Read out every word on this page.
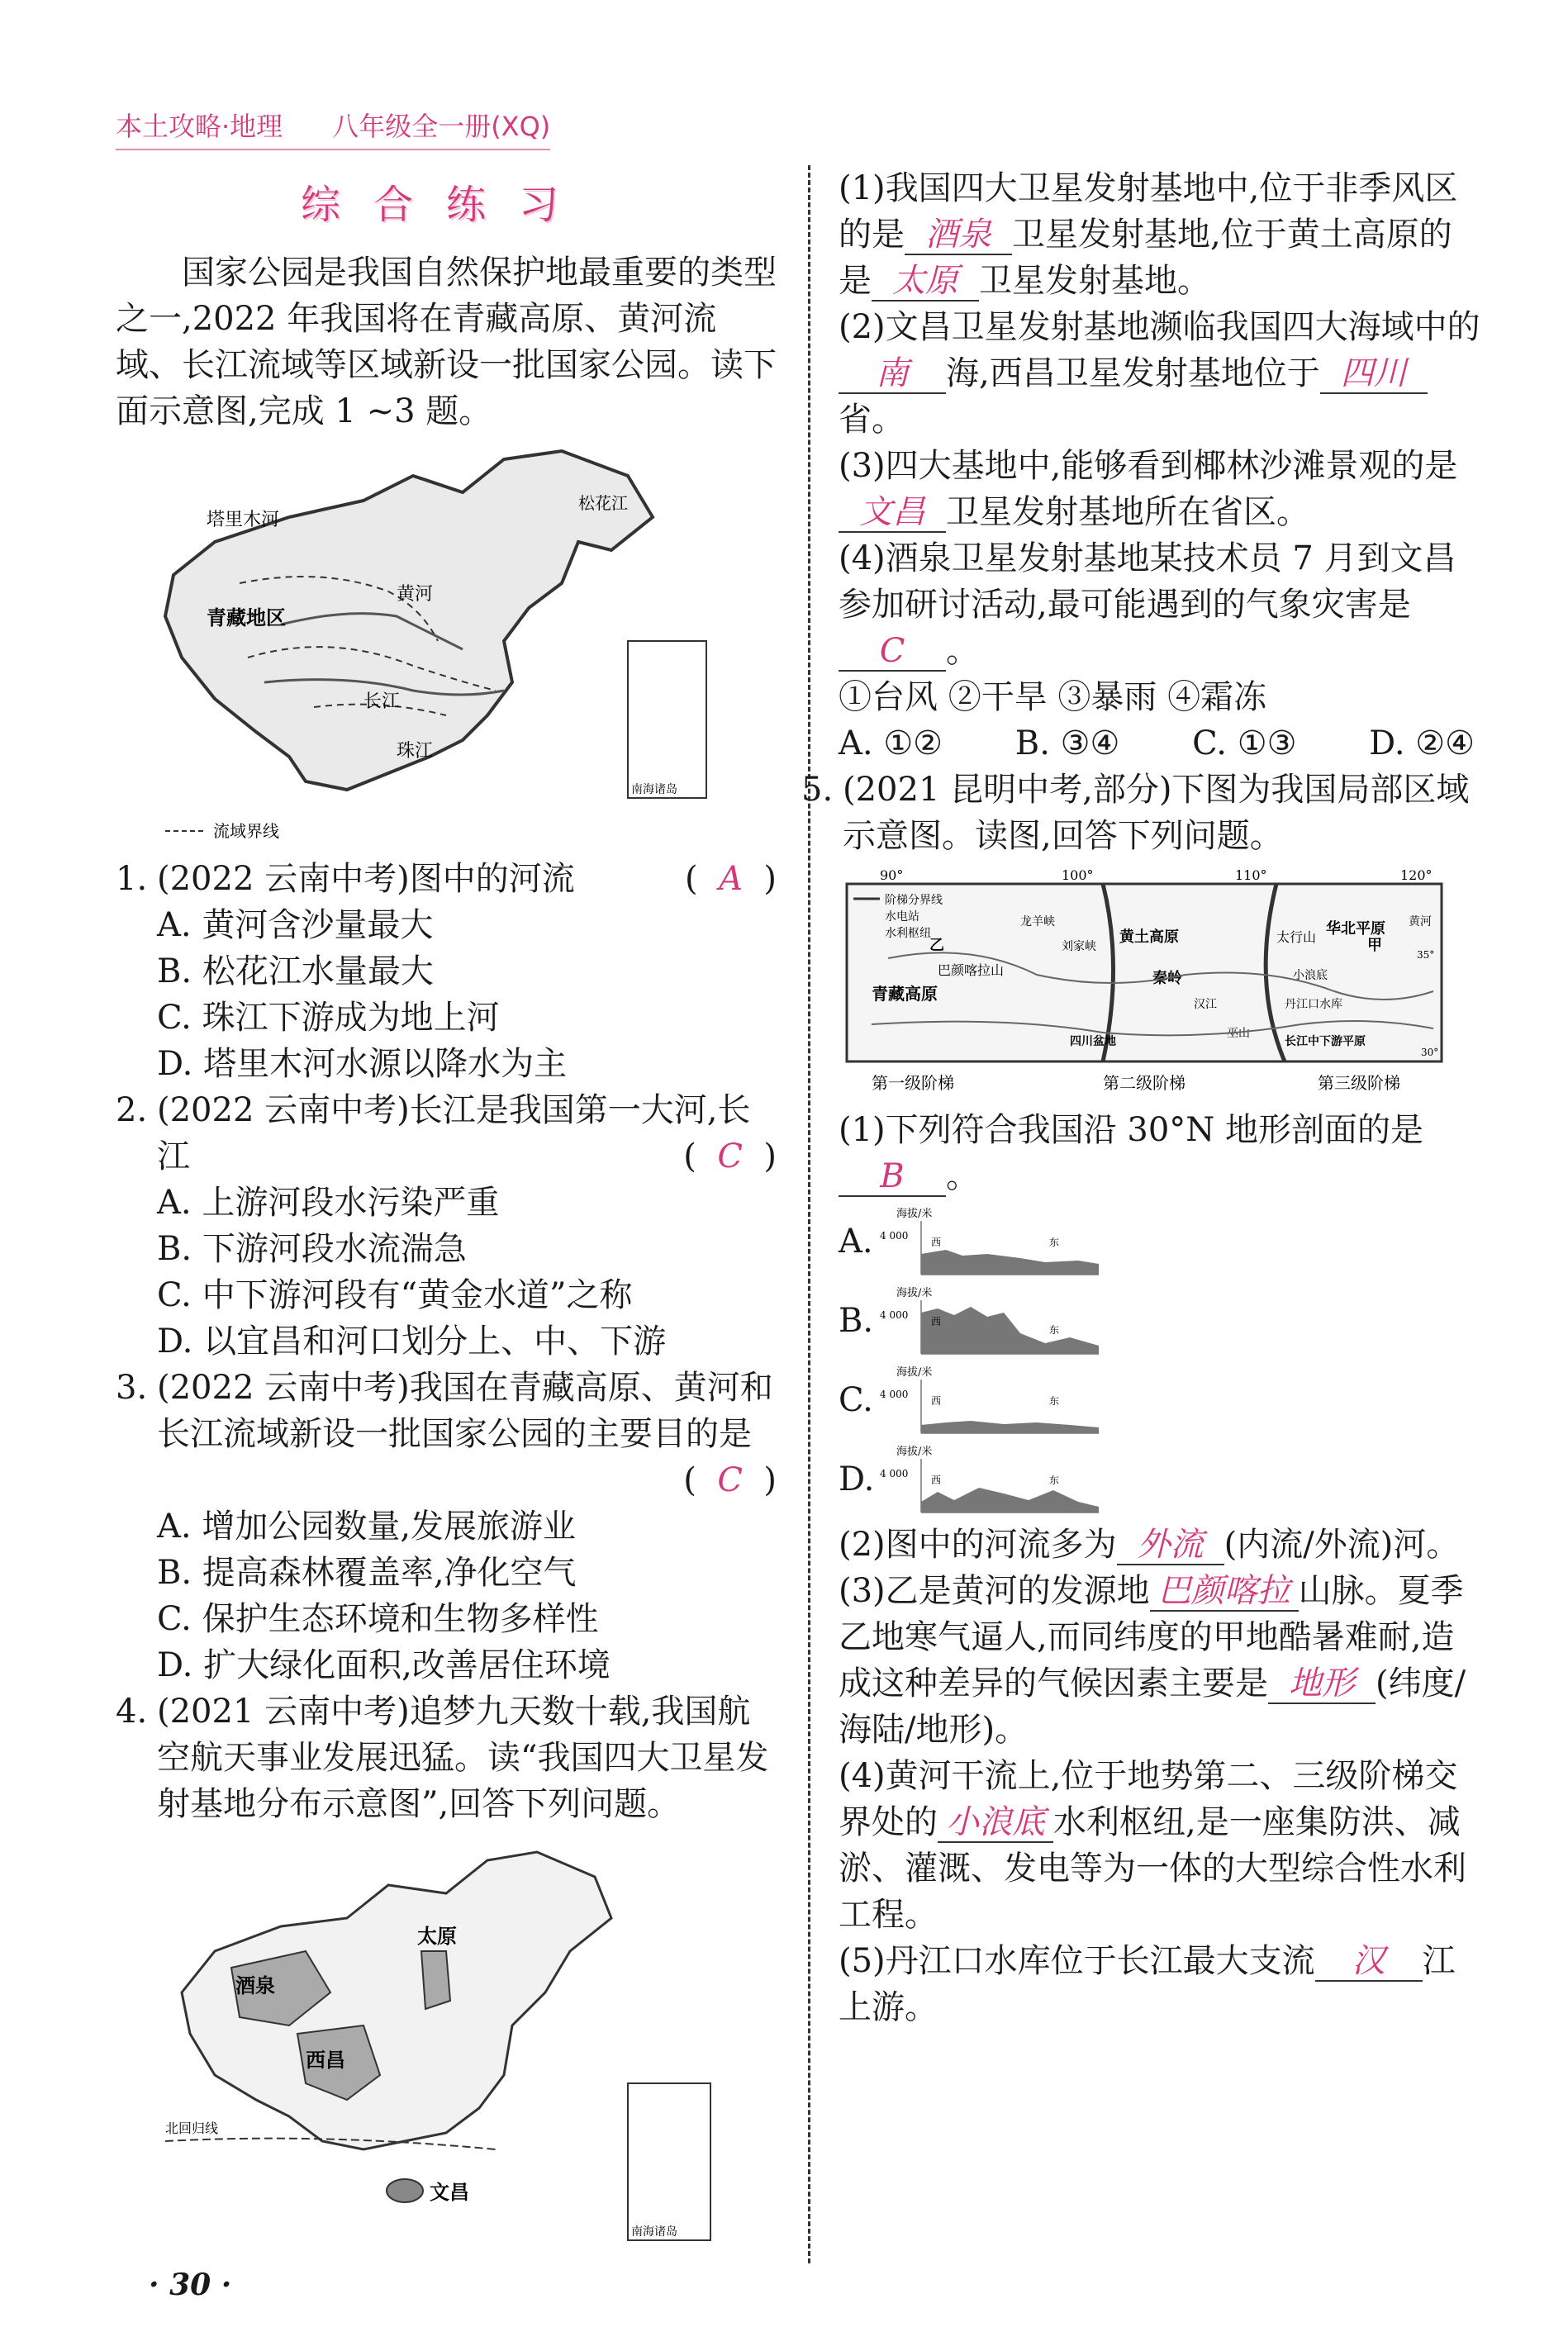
本土攻略·地理 八年级全一册(XQ)
综合练习

国家公园是我国自然保护地最重要的类型之一,2022 年我国将在青藏高原、黄河流域、长江流域等区域新设一批国家公园。读下面示意图,完成 1 ~3 题。

塔里木河
松花江
青藏地区
黄河
长江
珠江
南海诸岛
流域界线
1. (2022 云南中考)图中的河流	(  A  )

A. 黄河含沙量最大

B. 松花江水量最大

C. 珠江下游成为地上河

D. 塔里木河水源以降水为主

2. (2022 云南中考)长江是我国第一大河,长江	(  C  )

A. 上游河段水污染严重

B. 下游河段水流湍急

C. 中下游河段有“黄金水道”之称

D. 以宜昌和河口划分上、中、下游

3. (2022 云南中考)我国在青藏高原、黄河和长江流域新设一批国家公园的主要目的是
(  C  )

A. 增加公园数量,发展旅游业

B. 提高森林覆盖率,净化空气

C. 保护生态环境和生物多样性

D. 扩大绿化面积,改善居住环境

4. (2021 云南中考)追梦九天数十载,我国航空航天事业发展迅猛。读“我国四大卫星发射基地分布示意图”,回答下列问题。
酒泉
太原
西昌
文昌
北回归线
南海诸岛

(1)我国四大卫星发射基地中,位于非季风区的是 酒泉 卫星发射基地,位于黄土高原的是 太原 卫星发射基地。

(2)文昌卫星发射基地濒临我国四大海域中的南 海,西昌卫星发射基地位于 四川省。

(3)四大基地中,能够看到椰林沙滩景观的是文昌 卫星发射基地所在省区。

(4)酒泉卫星发射基地某技术员 7 月到文昌参加研讨活动,最可能遇到的气象灾害是C 。

①台风 ②干旱 ③暴雨 ④霜冻

A. ①② B. ③④ C. ①③ D. ②④
5. (2021 昆明中考,部分)下图为我国局部区域示意图。读图,回答下列问题。
90°	100°	110°	120°
阶梯分界线
水电站
水利枢纽
乙
巴颜喀拉山
龙羊峡
刘家峡
黄土高原	太行山 华北平原
甲
秦岭	小浪底
汉江	丹江口水库
四川盆地
巫山
长江中下游平原
青藏高原
黄河
35°
30°
第一级阶梯	第二级阶梯	第三级阶梯

(1)下列符合我国沿 30°N 地形剖面的是B 。

A.
海拔/米
4 000
西	东
B.
海拔/米
4 000
西
东
C.
海拔/米
4 000
西	东
D.
海拔/米
4 000
西	东

(2)图中的河流多为 外流 (内流/外流)河。

(3)乙是黄河的发源地 巴颜喀拉 山脉。夏季乙地寒气逼人,而同纬度的甲地酷暑难耐,造成这种差异的气候因素主要是 地形 (纬度/海陆/地形)。

(4)黄河干流上,位于地势第二、三级阶梯交界处的 小浪底 水利枢纽,是一座集防洪、减淤、灌溉、发电等为一体的大型综合性水利工程。

(5)丹江口水库位于长江最大支流 汉 江上游。

· 30 ·
